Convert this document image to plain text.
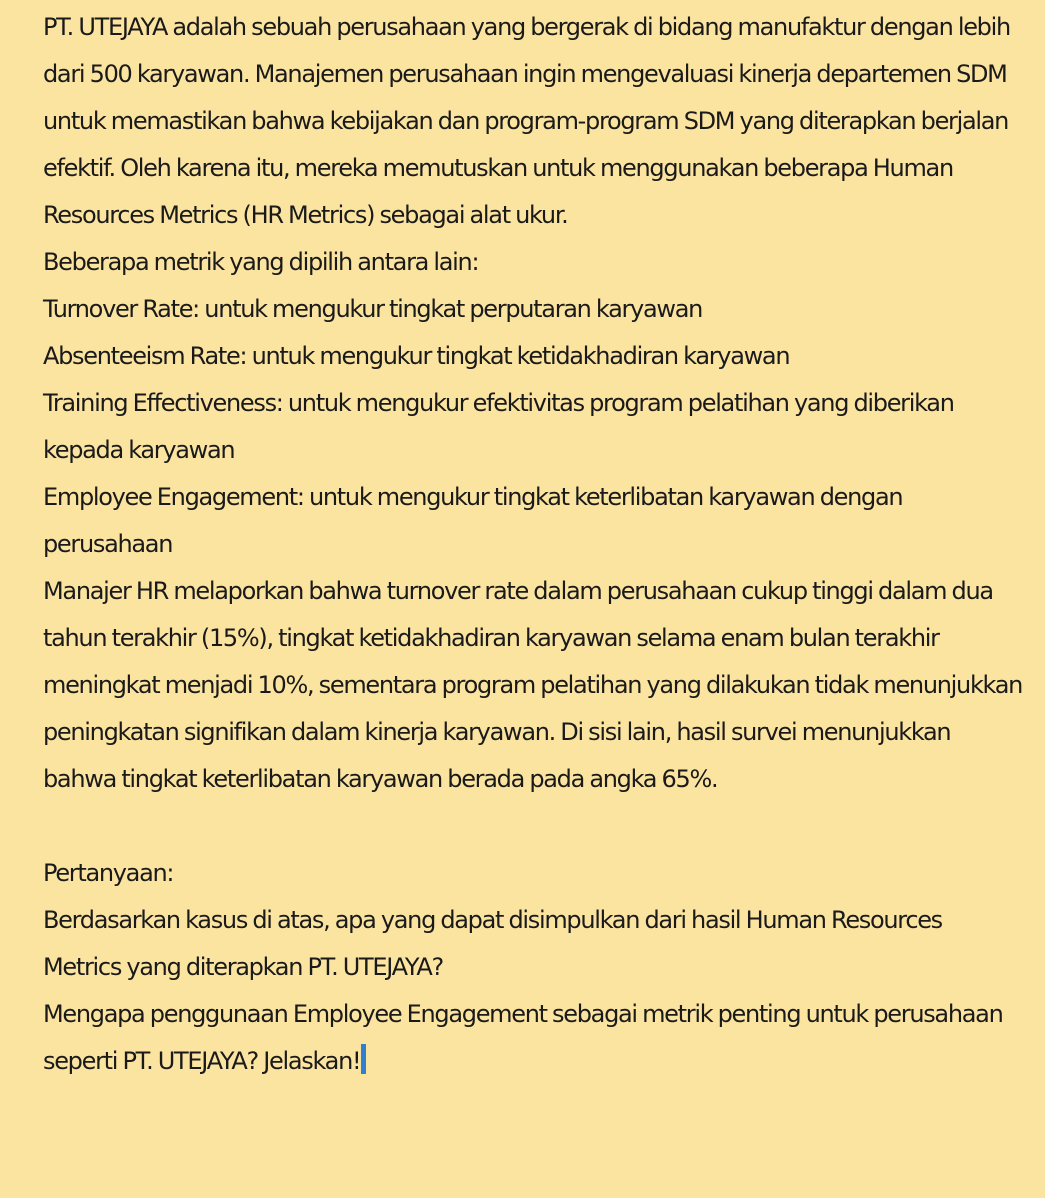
PT. UTEJAYA adalah sebuah perusahaan yang bergerak di bidang manufaktur dengan lebih dari 500 karyawan. Manajemen perusahaan ingin mengevaluasi kinerja departemen SDM untuk memastikan bahwa kebijakan dan program-program SDM yang diterapkan berjalan efektif. Oleh karena itu, mereka memutuskan untuk menggunakan beberapa Human Resources Metrics (HR Metrics) sebagai alat ukur.

Beberapa metrik yang dipilih antara lain:

Turnover Rate: untuk mengukur tingkat perputaran karyawan

Absenteeism Rate: untuk mengukur tingkat ketidakhadiran karyawan

Training Effectiveness: untuk mengukur efektivitas program pelatihan yang diberikan kepada karyawan

Employee Engagement: untuk mengukur tingkat keterlibatan karyawan dengan perusahaan

Manajer HR melaporkan bahwa turnover rate dalam perusahaan cukup tinggi dalam dua tahun terakhir (15%), tingkat ketidakhadiran karyawan selama enam bulan terakhir meningkat menjadi 10%, sementara program pelatihan yang dilakukan tidak menunjukkan peningkatan signifikan dalam kinerja karyawan. Di sisi lain, hasil survei menunjukkan bahwa tingkat keterlibatan karyawan berada pada angka 65%.

Pertanyaan:

Berdasarkan kasus di atas, apa yang dapat disimpulkan dari hasil Human Resources Metrics yang diterapkan PT. UTEJAYA?

Mengapa penggunaan Employee Engagement sebagai metrik penting untuk perusahaan seperti PT. UTEJAYA? Jelaskan!
